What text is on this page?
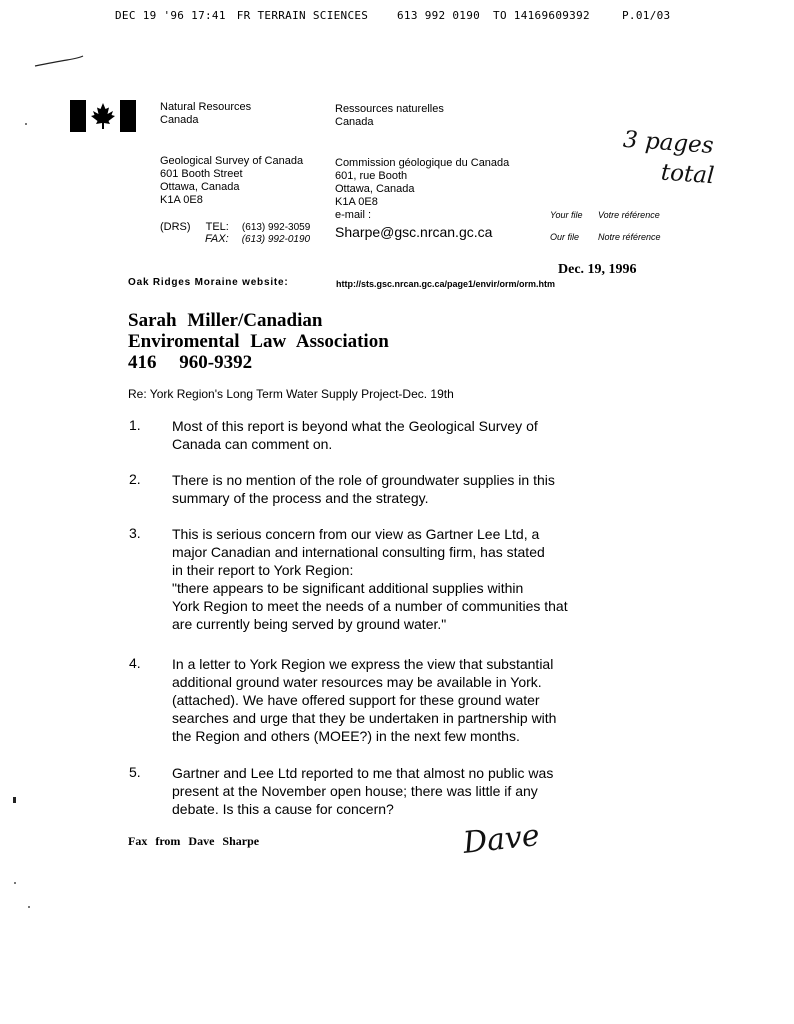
DEC 19 '96 17:41 FR TERRAIN SCIENCES	613 992 0190 TO 14169609392	P.01/03
Natural Resources
Canada
Ressources naturelles
Canada
Geological Survey of Canada
601 Booth Street
Ottawa, Canada
K1A 0E8
Commission géologique du Canada
601, rue Booth
Ottawa, Canada
K1A 0E8
e-mail :
(DRS) TEL: (613) 992-3059
FAX: (613) 992-0190 Sharpe@gsc.nrcan.gc.ca
Your file Votre référence
Our file Notre référence
3 pages
total
Dec. 19, 1996
Oak Ridges Moraine website:	http://sts.gsc.nrcan.gc.ca/page1/envir/orm/orm.htm
Sarah Miller/Canadian
Enviromental Law Association
416 960-9392
Re: York Region's Long Term Water Supply Project-Dec. 19th
1. Most of this report is beyond what the Geological Survey of
Canada can comment on.
2. There is no mention of the role of groundwater supplies in this
summary of the process and the strategy.
3. This is serious concern from our view as Gartner Lee Ltd, a
major Canadian and international consulting firm, has stated
in their report to York Region:
"there appears to be significant additional supplies within
York Region to meet the needs of a number of communities that
are currently being served by ground water."
4. In a letter to York Region we express the view that substantial
additional ground water resources may be available in York.
(attached). We have offered support for these ground water
searches and urge that they be undertaken in partnership with
the Region and others (MOEE?) in the next few months.
5. Gartner and Lee Ltd reported to me that almost no public was
present at the November open house; there was little if any
debate. Is this a cause for concern?
Fax from Dave Sharpe	Dave
